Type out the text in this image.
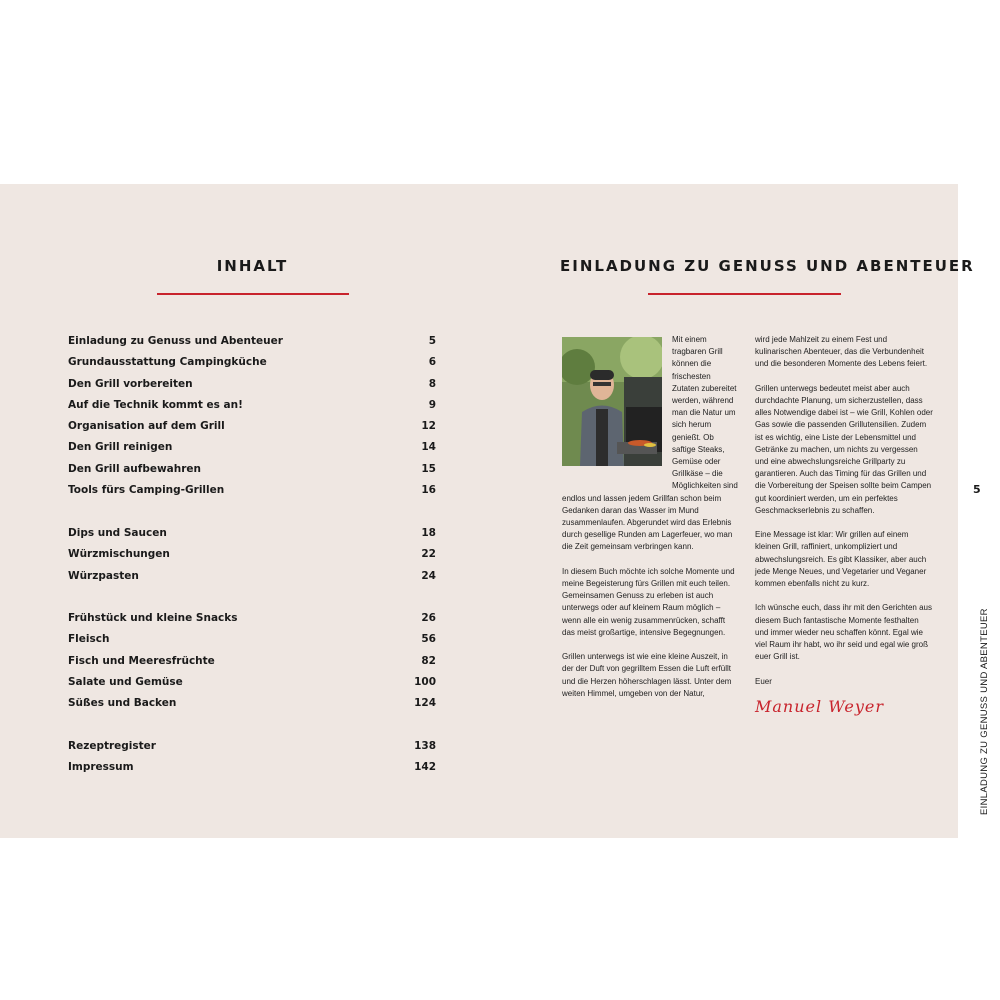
INHALT	EINLADUNG ZU GENUSS UND ABENTEUER
Einladung zu Genuss und Abenteuer	5
Grundausstattung Campingküche	6
Den Grill vorbereiten	8
Auf die Technik kommt es an!	9
Organisation auf dem Grill	12
Den Grill reinigen	14
Den Grill aufbewahren	15
Tools fürs Camping-Grillen	16
Dips und Saucen	18
Würzmischungen	22
Würzpasten	24
Frühstück und kleine Snacks	26
Fleisch	56
Fisch und Meeresfrüchte	82
Salate und Gemüse	100
Süßes und Backen	124
Rezeptregister	138
Impressum	142

Mit einem tragbaren Grill können die frischesten Zutaten zubereitet werden, während man die Natur um sich herum genießt. Ob saftige Steaks, Gemüse oder Grillkäse – die Möglichkeiten sind endlos und lassen jedem Grillfan schon beim Gedanken daran das Wasser im Mund zusammenlaufen. Abgerundet wird das Erlebnis durch gesellige Runden am Lagerfeuer, wo man die Zeit gemeinsam verbringen kann.

In diesem Buch möchte ich solche Momente und meine Begeisterung fürs Grillen mit euch teilen. Gemeinsamen Genuss zu erleben ist auch unterwegs oder auf kleinem Raum möglich – wenn alle ein wenig zusammenrücken, schafft das meist großartige, intensive Begegnungen.

Grillen unterwegs ist wie eine kleine Auszeit, in der der Duft von gegrilltem Essen die Luft erfüllt und die Herzen höherschlagen lässt. Unter dem weiten Himmel, umgeben von der Natur,

wird jede Mahlzeit zu einem Fest und kulinarischen Abenteuer, das die Verbundenheit und die besonderen Momente des Lebens feiert.

Grillen unterwegs bedeutet meist aber auch durchdachte Planung, um sicherzustellen, dass alles Notwendige dabei ist – wie Grill, Kohlen oder Gas sowie die passenden Grillutensilien. Zudem ist es wichtig, eine Liste der Lebensmittel und Getränke zu machen, um nichts zu vergessen und eine abwechslungsreiche Grillparty zu garantieren. Auch das Timing für das Grillen und die Vorbereitung der Speisen sollte beim Campen gut koordiniert werden, um ein perfektes Geschmackserlebnis zu schaffen.

Eine Message ist klar: Wir grillen auf einem kleinen Grill, raffiniert, unkompliziert und abwechslungsreich. Es gibt Klassiker, aber auch jede Menge Neues, und Vegetarier und Veganer kommen ebenfalls nicht zu kurz.

Ich wünsche euch, dass ihr mit den Gerichten aus diesem Buch fantastische Momente festhalten und immer wieder neu schaffen könnt. Egal wie viel Raum ihr habt, wo ihr seid und egal wie groß euer Grill ist.

Euer

Manuel Weyer
5
EINLADUNG ZU GENUSS UND ABENTEUER
